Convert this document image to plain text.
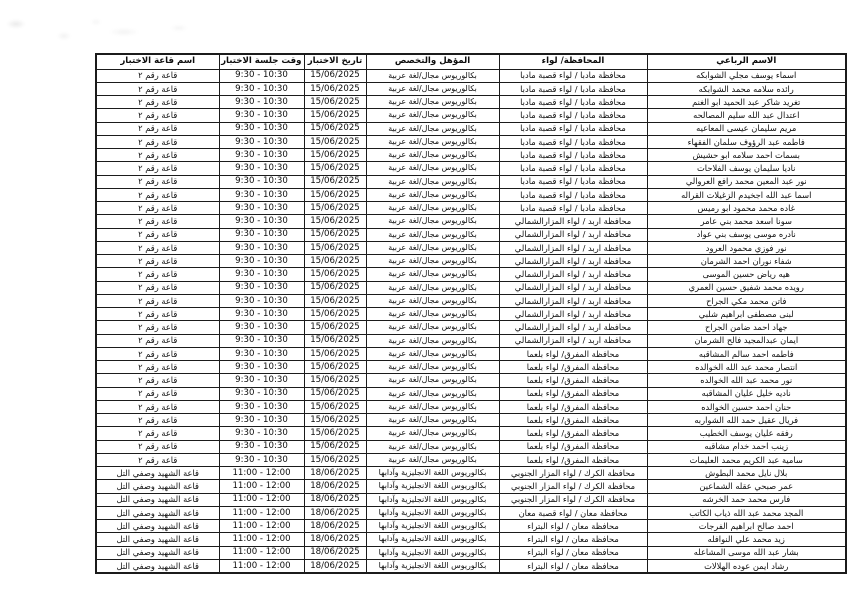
الاسم الرباعي	المحافظة/ لواء	المؤهل والتخصص	تاريخ الاختبار	وقت جلسة الاختبار	اسم قاعة الاختبار
اسماء يوسف مجلي الشوابكه	محافظة مادبا / لواء قصبة مادبا	بكالوريوس مجال/لغة عربية	15/06/2025	9:30 - 10:30	قاعة رقم ٢
رائده سلامه محمد الشوابكه	محافظة مادبا / لواء قصبة مادبا	بكالوريوس مجال/لغة عربية	15/06/2025	9:30 - 10:30	قاعة رقم ٢
تغريد شاكر عبد الحميد ابو الغنم	محافظة مادبا / لواء قصبة مادبا	بكالوريوس مجال/لغة عربية	15/06/2025	9:30 - 10:30	قاعة رقم ٢
اعتدال عبد الله سليم المصالحه	محافظة مادبا / لواء قصبة مادبا	بكالوريوس مجال/لغة عربية	15/06/2025	9:30 - 10:30	قاعة رقم ٢
مريم سليمان عيسى المعاعيه	محافظة مادبا / لواء قصبة مادبا	بكالوريوس مجال/لغة عربية	15/06/2025	9:30 - 10:30	قاعة رقم ٢
فاطمه عبد الرؤوف سلمان الفقهاء	محافظة مادبا / لواء قصبة مادبا	بكالوريوس مجال/لغة عربية	15/06/2025	9:30 - 10:30	قاعة رقم ٢
بسمات احمد سلامه ابو حشيش	محافظة مادبا / لواء قصبة مادبا	بكالوريوس مجال/لغة عربية	15/06/2025	9:30 - 10:30	قاعة رقم ٢
ناديا سليمان يوسف الفلاحات	محافظة مادبا / لواء قصبة مادبا	بكالوريوس مجال/لغة عربية	15/06/2025	9:30 - 10:30	قاعة رقم ٢
نور عبد المعين محمد رافع العروالي	محافظة مادبا / لواء قصبة مادبا	بكالوريوس مجال/لغة عربية	15/06/2025	9:30 - 10:30	قاعة رقم ٢
اسما عبد الله اجخيدم الزغيلات القراله	محافظة مادبا / لواء قصبة مادبا	بكالوريوس مجال/لغة عربية	15/06/2025	9:30 - 10:30	قاعة رقم ٢
غاده محمد محمود ابو رميس	محافظة مادبا / لواء قصبة مادبا	بكالوريوس مجال/لغة عربية	15/06/2025	9:30 - 10:30	قاعة رقم ٢
سونا اسعد محمد بني عامر	محافظة اربد / لواء المزارالشمالي	بكالوريوس مجال/لغة عربية	15/06/2025	9:30 - 10:30	قاعة رقم ٢
نادره موسى يوسف بني عواد	محافظة اربد / لواء المزارالشمالي	بكالوريوس مجال/لغة عربية	15/06/2025	9:30 - 10:30	قاعة رقم ٢
نور فوزي محمود العرود	محافظة اربد / لواء المزارالشمالي	بكالوريوس مجال/لغة عربية	15/06/2025	9:30 - 10:30	قاعة رقم ٢
شفاء نوران احمد الشرمان	محافظة اربد / لواء المزارالشمالي	بكالوريوس مجال/لغة عربية	15/06/2025	9:30 - 10:30	قاعة رقم ٢
هيه رياض حسين الموسى	محافظة اربد / لواء المزارالشمالي	بكالوريوس مجال/لغة عربية	15/06/2025	9:30 - 10:30	قاعة رقم ٢
رويده محمد شفيق حسين العمري	محافظة اربد / لواء المزارالشمالي	بكالوريوس مجال/لغة عربية	15/06/2025	9:30 - 10:30	قاعة رقم ٢
فاتن محمد مكي الجراح	محافظة اربد / لواء المزارالشمالي	بكالوريوس مجال/لغة عربية	15/06/2025	9:30 - 10:30	قاعة رقم ٢
لبنى مصطفى ابراهيم شلبي	محافظة اربد / لواء المزارالشمالي	بكالوريوس مجال/لغة عربية	15/06/2025	9:30 - 10:30	قاعة رقم ٢
جهاد احمد ضامن الجراح	محافظة اربد / لواء المزارالشمالي	بكالوريوس مجال/لغة عربية	15/06/2025	9:30 - 10:30	قاعة رقم ٢
ايمان عبدالمجيد فالح الشرمان	محافظة اربد / لواء المزارالشمالي	بكالوريوس مجال/لغة عربية	15/06/2025	9:30 - 10:30	قاعة رقم ٢
فاطمه احمد سالم المشاقبه	محافظة المفرق/ لواء بلعما	بكالوريوس مجال/لغة عربية	15/06/2025	9:30 - 10:30	قاعة رقم ٢
انتصار محمد عبد الله الخوالده	محافظة المفرق/ لواء بلعما	بكالوريوس مجال/لغة عربية	15/06/2025	9:30 - 10:30	قاعة رقم ٢
نور محمد عبد الله الخوالده	محافظة المفرق/ لواء بلعما	بكالوريوس مجال/لغة عربية	15/06/2025	9:30 - 10:30	قاعة رقم ٢
ناديه خليل عليان المشاقبه	محافظة المفرق/ لواء بلعما	بكالوريوس مجال/لغة عربية	15/06/2025	9:30 - 10:30	قاعة رقم ٢
حنان احمد حسين الخوالده	محافظة المفرق/ لواء بلعما	بكالوريوس مجال/لغة عربية	15/06/2025	9:30 - 10:30	قاعة رقم ٢
فريال عقيل حمد الله الشواربه	محافظة المفرق/ لواء بلعما	بكالوريوس مجال/لغة عربية	15/06/2025	9:30 - 10:30	قاعة رقم ٢
رفقه عليان يوسف الخطيب	محافظة المفرق/ لواء بلعما	بكالوريوس مجال/لغة عربية	15/06/2025	9:30 - 10:30	قاعة رقم ٢
زينب احمد خدام مشاقبه	محافظة المفرق/ لواء بلعما	بكالوريوس مجال/لغة عربية	15/06/2025	9:30 - 10:30	قاعة رقم ٢
سامية عبد الكريم محمد العليمات	محافظة المفرق/ لواء بلعما	بكالوريوس مجال/لغة عربية	15/06/2025	9:30 - 10:30	قاعة رقم ٢
بلال نايل محمد البطوش	محافظة الكرك / لواء المزار الجنوبي	بكالوريوس اللغة الانجليزية وآدابها	18/06/2025	11:00 - 12:00	قاعة الشهيد وصفي التل
عمر صبحي عقله الشماعين	محافظة الكرك / لواء المزار الجنوبي	بكالوريوس اللغة الانجليزية وآدابها	18/06/2025	11:00 - 12:00	قاعة الشهيد وصفي التل
فارس محمد حمد الخرشه	محافظة الكرك / لواء المزار الجنوبي	بكالوريوس اللغة الانجليزية وآدابها	18/06/2025	11:00 - 12:00	قاعة الشهيد وصفي التل
المجد محمد عبد الله ذياب الكاتب	محافظة معان / لواء قصبة معان	بكالوريوس اللغة الانجليزية وآدابها	18/06/2025	11:00 - 12:00	قاعة الشهيد وصفي التل
احمد صالح ابراهيم الفرجات	محافظة معان / لواء البتراء	بكالوريوس اللغة الانجليزية وآدابها	18/06/2025	11:00 - 12:00	قاعة الشهيد وصفي التل
زيد محمد علي النوافله	محافظة معان / لواء البتراء	بكالوريوس اللغة الانجليزية وآدابها	18/06/2025	11:00 - 12:00	قاعة الشهيد وصفي التل
بشار عبد الله موسى المشاعله	محافظة معان / لواء البتراء	بكالوريوس اللغة الانجليزية وآدابها	18/06/2025	11:00 - 12:00	قاعة الشهيد وصفي التل
رشاد ايمن عوده الهلالات	محافظة معان / لواء البتراء	بكالوريوس اللغة الانجليزية وآدابها	18/06/2025	11:00 - 12:00	قاعة الشهيد وصفي التل
